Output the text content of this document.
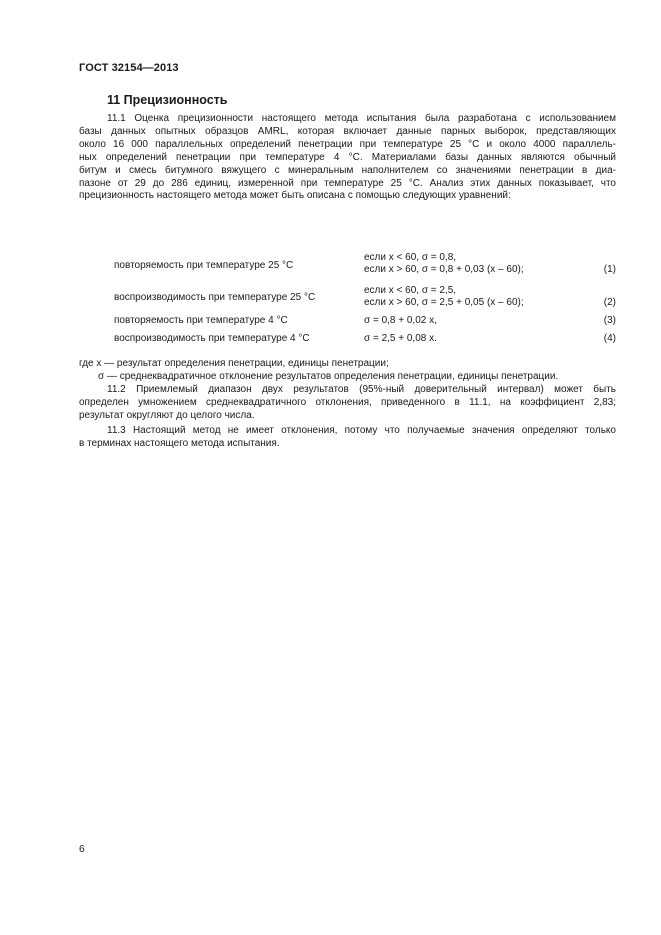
ГОСТ 32154—2013
11 Прецизионность
11.1 Оценка прецизионности настоящего метода испытания была разработана с использованием
базы данных опытных образцов AMRL, которая включает данные парных выборок, представляющих
около 16 000 параллельных определений пенетрации при температуре 25 °С и около 4000 параллель-
ных определений пенетрации при температуре 4 °С. Материалами базы данных являются обычный
битум и смесь битумного вяжущего с минеральным наполнителем со значениями пенетрации в диа-
пазоне от 29 до 286 единиц, измеренной при температуре 25 °С. Анализ этих данных показывает, что
прецизионность настоящего метода может быть описана с помощью следующих уравнений:
если x < 60, σ = 0,8,
повторяемость при температуре 25 °С	если x > 60, σ = 0,8 + 0,03 (x – 60);	(1)
если x < 60, σ = 2,5,
воспроизводимость при температуре 25 °С	если x > 60, σ = 2,5 + 0,05 (x – 60);	(2)
повторяемость при температуре 4 °С	σ = 0,8 + 0,02 x,	(3)
воспроизводимость при температуре 4 °С	σ = 2,5 + 0,08 x.	(4)
где x — результат определения пенетрации, единицы пенетрации;
σ — среднеквадратичное отклонение результатов определения пенетрации, единицы пенетрации.
11.2 Приемлемый диапазон двух результатов (95%-ный доверительный интервал) может быть
определен умножением среднеквадратичного отклонения, приведенного в 11.1, на коэффициент 2,83;
результат округляют до целого числа.
11.3 Настоящий метод не имеет отклонения, потому что получаемые значения определяют только
в терминах настоящего метода испытания.
6
